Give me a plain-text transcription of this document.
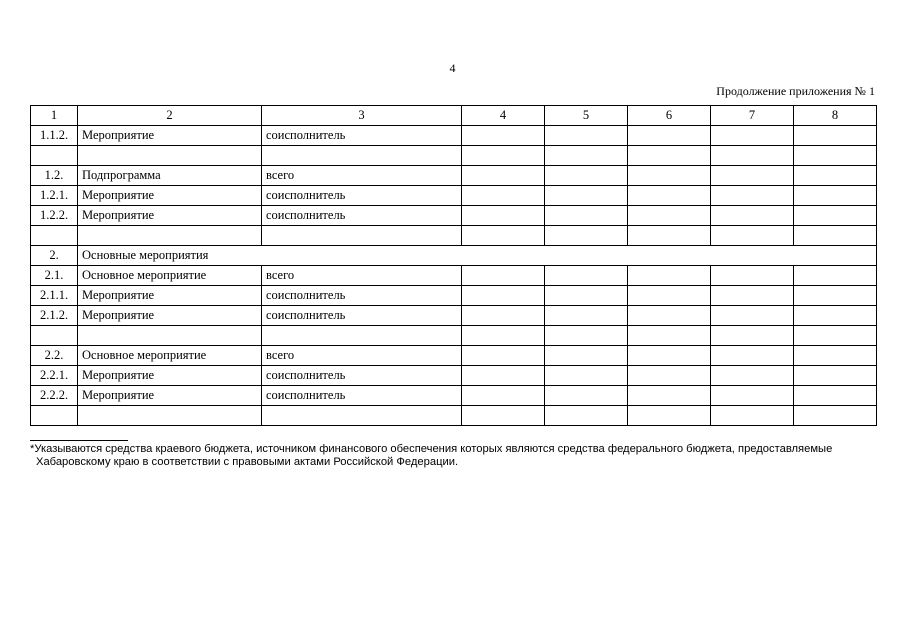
4
Продолжение приложения № 1
1	2	3	4	5	6	7	8
1.1.2.	Мероприятие	соисполнитель					

1.2.	Подпрограмма	всего					
1.2.1.	Мероприятие	соисполнитель					
1.2.2.	Мероприятие	соисполнитель					

2.	Основные мероприятия						
2.1.	Основное мероприятие	всего					
2.1.1.	Мероприятие	соисполнитель					
2.1.2.	Мероприятие	соисполнитель					

2.2.	Основное мероприятие	всего					
2.2.1.	Мероприятие	соисполнитель					
2.2.2.	Мероприятие	соисполнитель					

*Указываются средства краевого бюджета, источником финансового обеспечения которых являются средства федерального бюджета, предоставляемые
Хабаровскому краю в соответствии с правовыми актами Российской Федерации.
